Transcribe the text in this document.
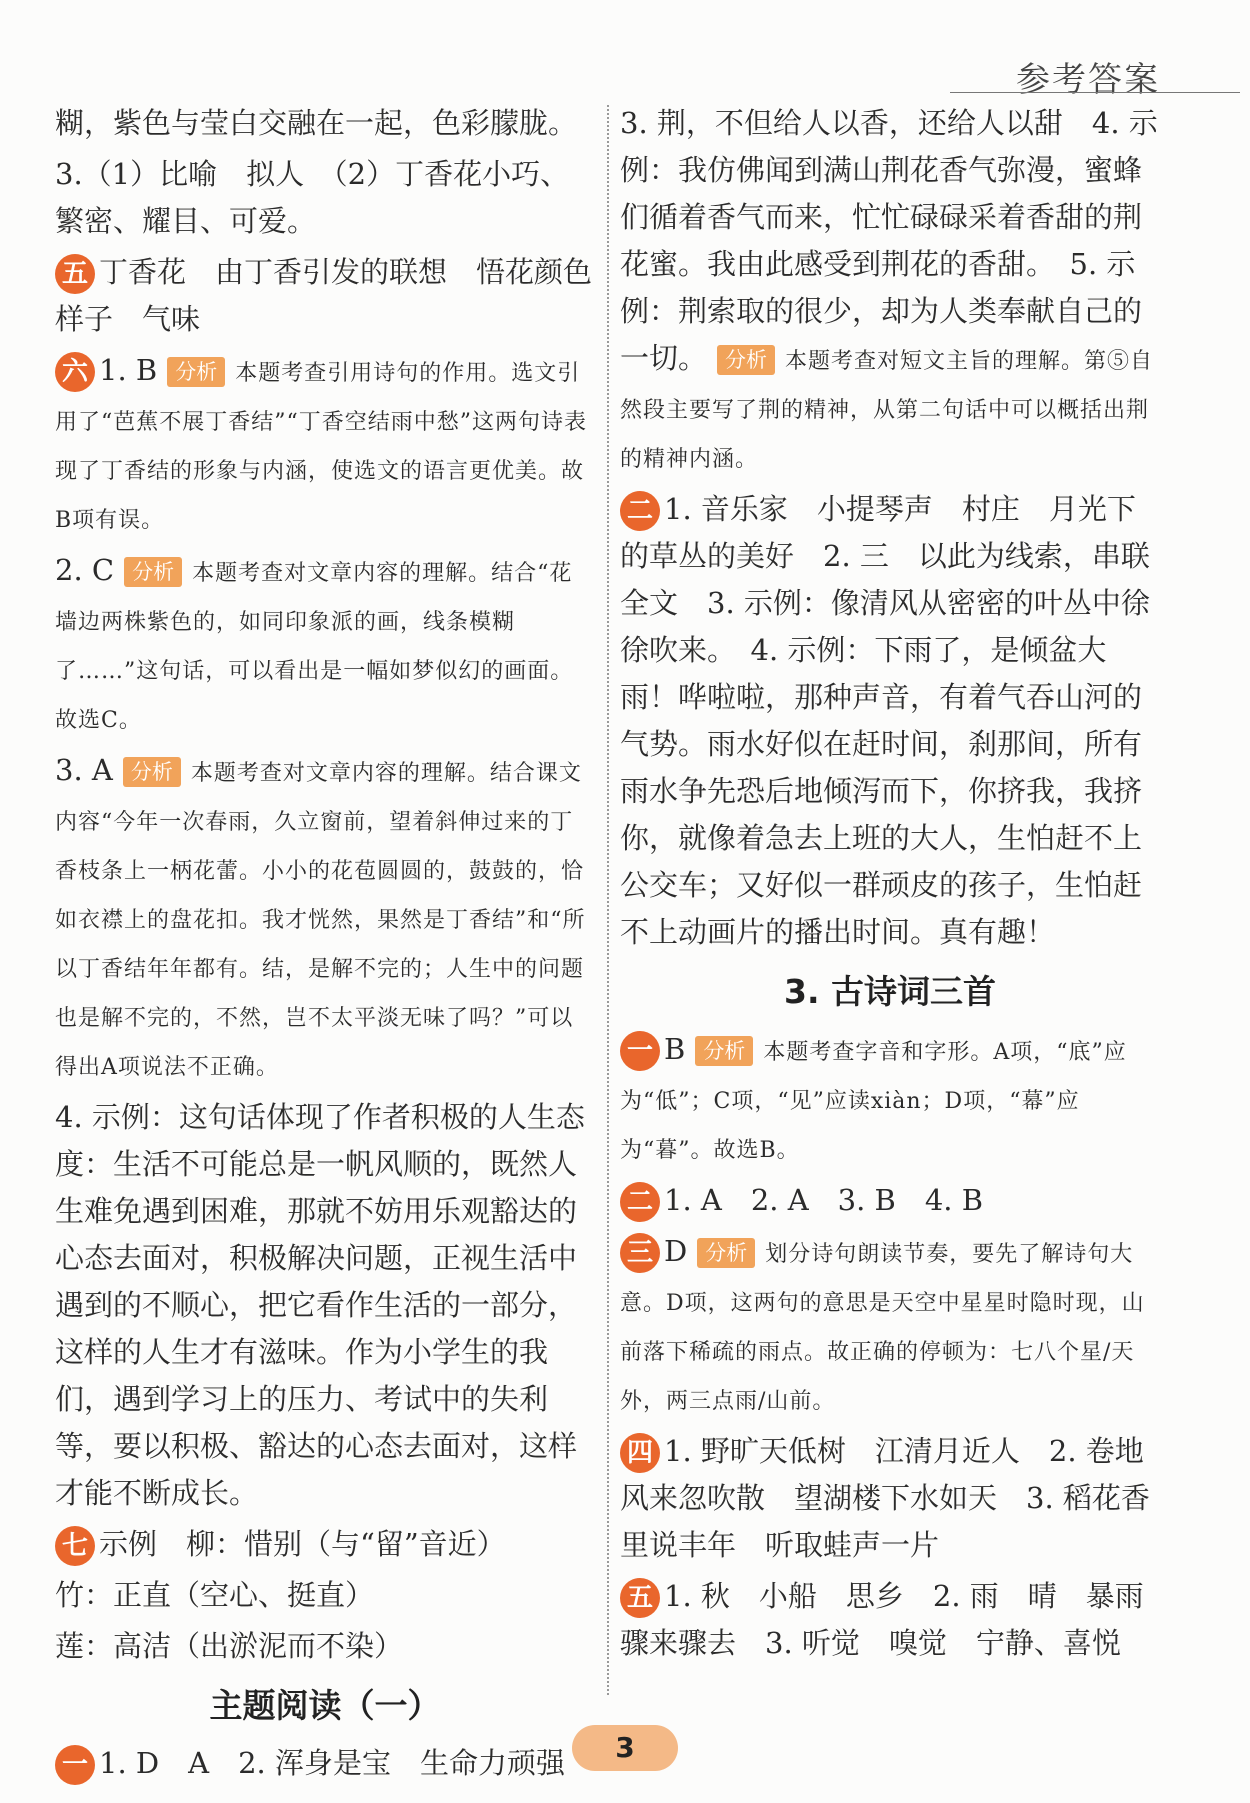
参考答案

糊，紫色与莹白交融在一起，色彩朦胧。

3.（1）比喻　拟人　（2）丁香花小巧、繁密、耀目、可爱。

五 丁香花　由丁香引发的联想　悟花颜色　样子　气味

六 1. B 分析 本题考查引用诗句的作用。选文引用了“芭蕉不展丁香结”“丁香空结雨中愁”这两句诗表现了丁香结的形象与内涵，使选文的语言更优美。故B项有误。

2. C 分析 本题考查对文章内容的理解。结合“花墙边两株紫色的，如同印象派的画，线条模糊了……”这句话，可以看出是一幅如梦似幻的画面。故选C。

3. A 分析 本题考查对文章内容的理解。结合课文内容“今年一次春雨，久立窗前，望着斜伸过来的丁香枝条上一柄花蕾。小小的花苞圆圆的，鼓鼓的，恰如衣襟上的盘花扣。我才恍然，果然是丁香结”和“所以丁香结年年都有。结，是解不完的；人生中的问题也是解不完的，不然，岂不太平淡无味了吗？”可以得出A项说法不正确。

4. 示例：这句话体现了作者积极的人生态度：生活不可能总是一帆风顺的，既然人生难免遇到困难，那就不妨用乐观豁达的心态去面对，积极解决问题，正视生活中遇到的不顺心，把它看作生活的一部分，这样的人生才有滋味。作为小学生的我们，遇到学习上的压力、考试中的失利等，要以积极、豁达的心态去面对，这样才能不断成长。

七 示例　柳：惜别（与“留”音近）

竹：正直（空心、挺直）

莲：高洁（出淤泥而不染）

主题阅读（一）

一 1. D　A　2. 浑身是宝　生命力顽强

3. 荆，不但给人以香，还给人以甜　4. 示例：我仿佛闻到满山荆花香气弥漫，蜜蜂们循着香气而来，忙忙碌碌采着香甜的荆花蜜。我由此感受到荆花的香甜。　5. 示例：荆索取的很少，却为人类奉献自己的一切。 分析 本题考查对短文主旨的理解。第⑤自然段主要写了荆的精神，从第二句话中可以概括出荆的精神内涵。

二 1. 音乐家　小提琴声　村庄　月光下的草丛的美好　2. 三　以此为线索，串联全文　3. 示例：像清风从密密的叶丛中徐徐吹来。　4. 示例：下雨了，是倾盆大雨！哗啦啦，那种声音，有着气吞山河的气势。雨水好似在赶时间，刹那间，所有雨水争先恐后地倾泻而下，你挤我，我挤你，就像着急去上班的大人，生怕赶不上公交车；又好似一群顽皮的孩子，生怕赶不上动画片的播出时间。真有趣！

3. 古诗词三首

一 B 分析 本题考查字音和字形。A项，“底”应为“低”；C项，“见”应读xiàn；D项，“幕”应为“暮”。故选B。

二 1. A　2. A　3. B　4. B

三 D 分析 划分诗句朗读节奏，要先了解诗句大意。D项，这两句的意思是天空中星星时隐时现，山前落下稀疏的雨点。故正确的停顿为：七八个星/天外，两三点雨/山前。

四 1. 野旷天低树　江清月近人　2. 卷地风来忽吹散　望湖楼下水如天　3. 稻花香里说丰年　听取蛙声一片

五 1. 秋　小船　思乡　2. 雨　晴　暴雨骤来骤去　3. 听觉　嗅觉　宁静、喜悦

3
